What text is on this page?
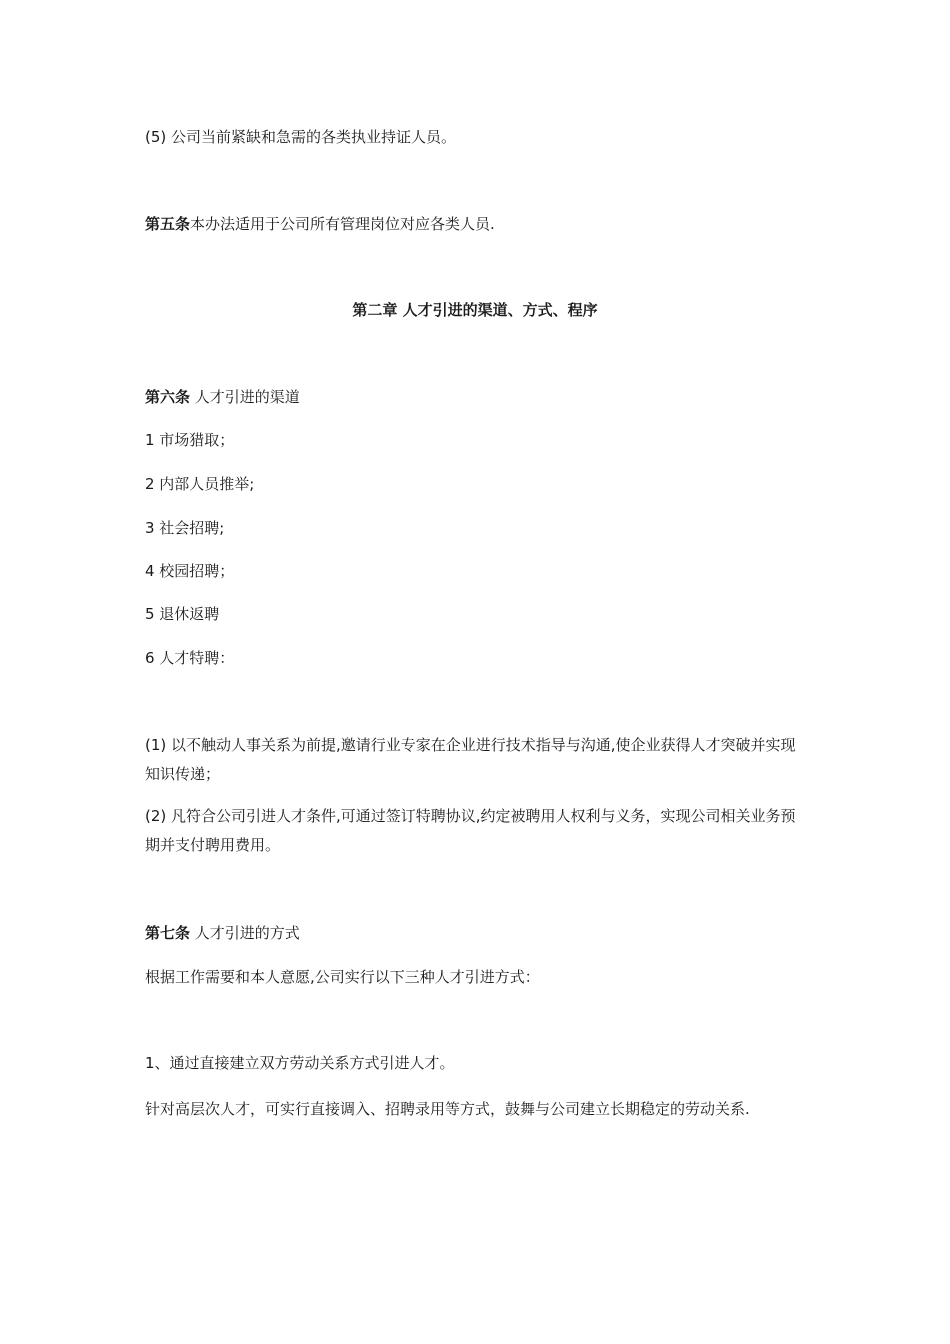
(5) 公司当前紧缺和急需的各类执业持证人员。
第五条本办法适用于公司所有管理岗位对应各类人员.
第二章 人才引进的渠道、方式、程序
第六条 人才引进的渠道
1 市场猎取；
2 内部人员推举;
3 社会招聘;
4 校园招聘；
5 退休返聘
6 人才特聘：
(1) 以不触动人事关系为前提,邀请行业专家在企业进行技术指导与沟通,使企业获得人才突破并实现知识传递；
(2) 凡符合公司引进人才条件,可通过签订特聘协议,约定被聘用人权利与义务，实现公司相关业务预期并支付聘用费用。
第七条 人才引进的方式
根据工作需要和本人意愿,公司实行以下三种人才引进方式：
1、通过直接建立双方劳动关系方式引进人才。
针对高层次人才，可实行直接调入、招聘录用等方式，鼓舞与公司建立长期稳定的劳动关系.
